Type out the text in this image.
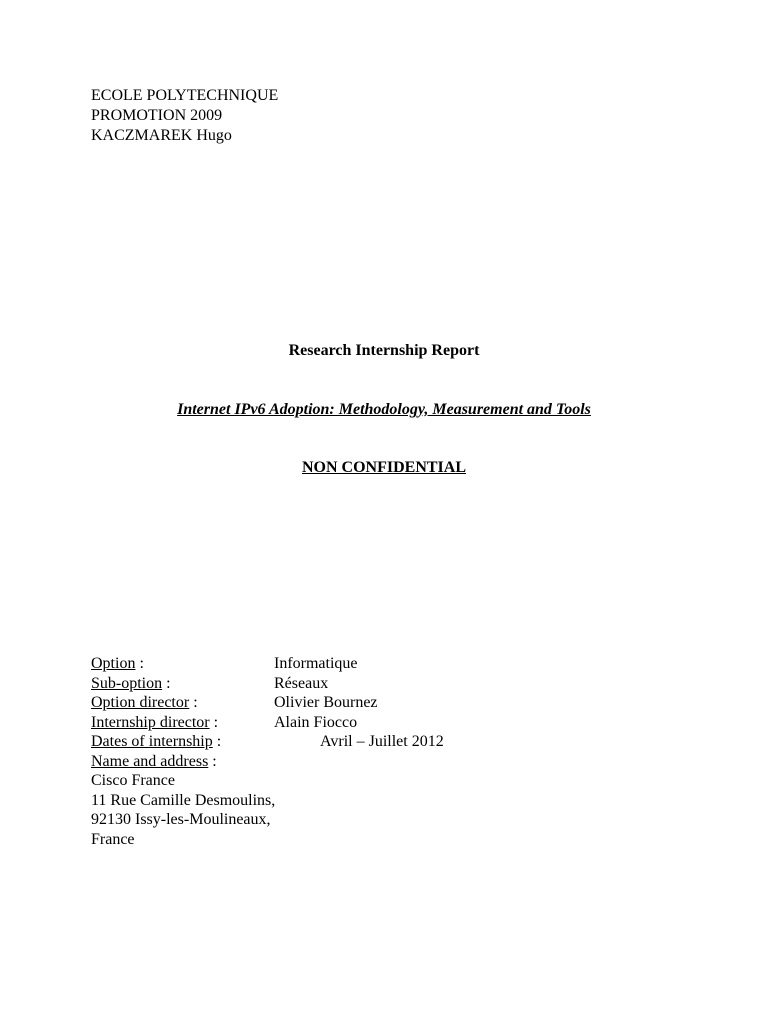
ECOLE POLYTECHNIQUE
PROMOTION 2009
KACZMAREK Hugo
Research Internship Report
Internet IPv6 Adoption: Methodology, Measurement and Tools
NON CONFIDENTIAL
Option :	Informatique
Sub-option :	Réseaux
Option director :	Olivier Bournez
Internship director :	Alain Fiocco
Dates of internship :	Avril – Juillet 2012
Name and address :
Cisco France
11 Rue Camille Desmoulins,
92130 Issy-les-Moulineaux,
France
